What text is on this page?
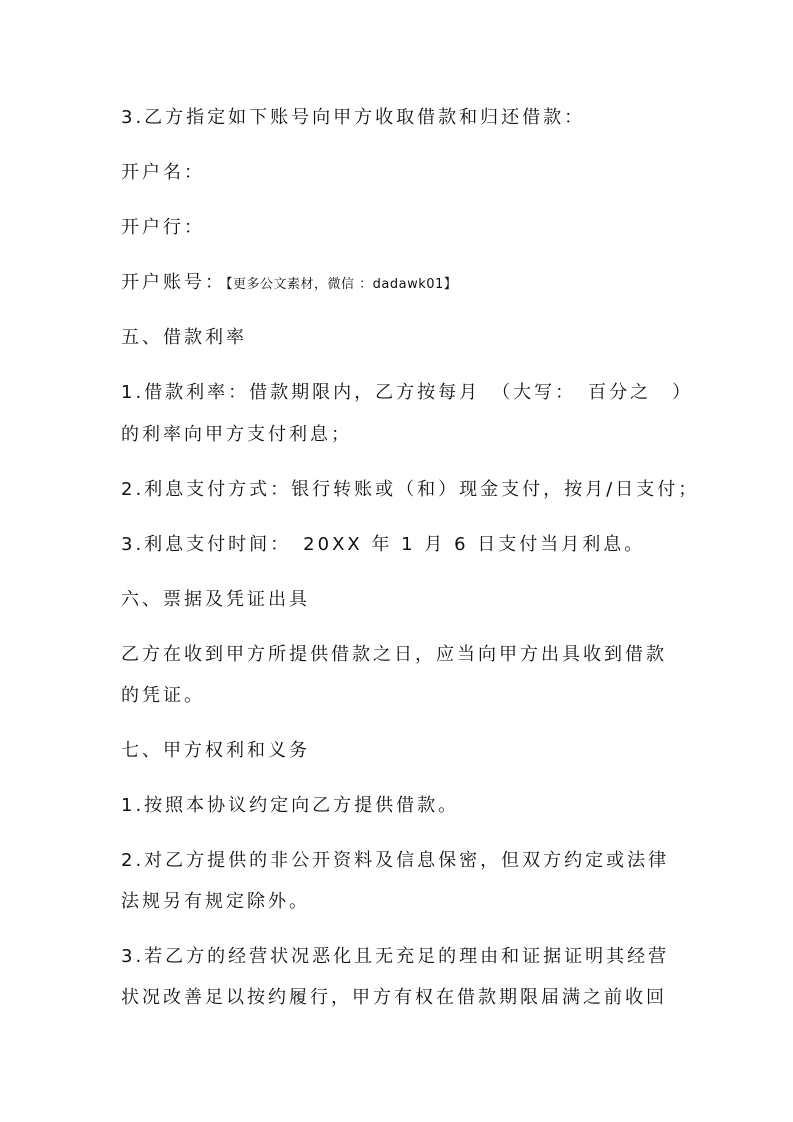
3.乙方指定如下账号向甲方收取借款和归还借款：
开户名：
开户行：
开户账号：【更多公文素材，微信 ：dadawk01】
五、借款利率
1.借款利率：借款期限内，乙方按每月　（大写：　百分之　）
的利率向甲方支付利息；
2.利息支付方式：银行转账或（和）现金支付，按月/日支付；
3.利息支付时间：　20XX 年 1 月 6 日支付当月利息。
六、票据及凭证出具
乙方在收到甲方所提供借款之日，应当向甲方出具收到借款
的凭证。
七、甲方权利和义务
1.按照本协议约定向乙方提供借款。
2.对乙方提供的非公开资料及信息保密，但双方约定或法律
法规另有规定除外。
3.若乙方的经营状况恶化且无充足的理由和证据证明其经营
状况改善足以按约履行，甲方有权在借款期限届满之前收回
